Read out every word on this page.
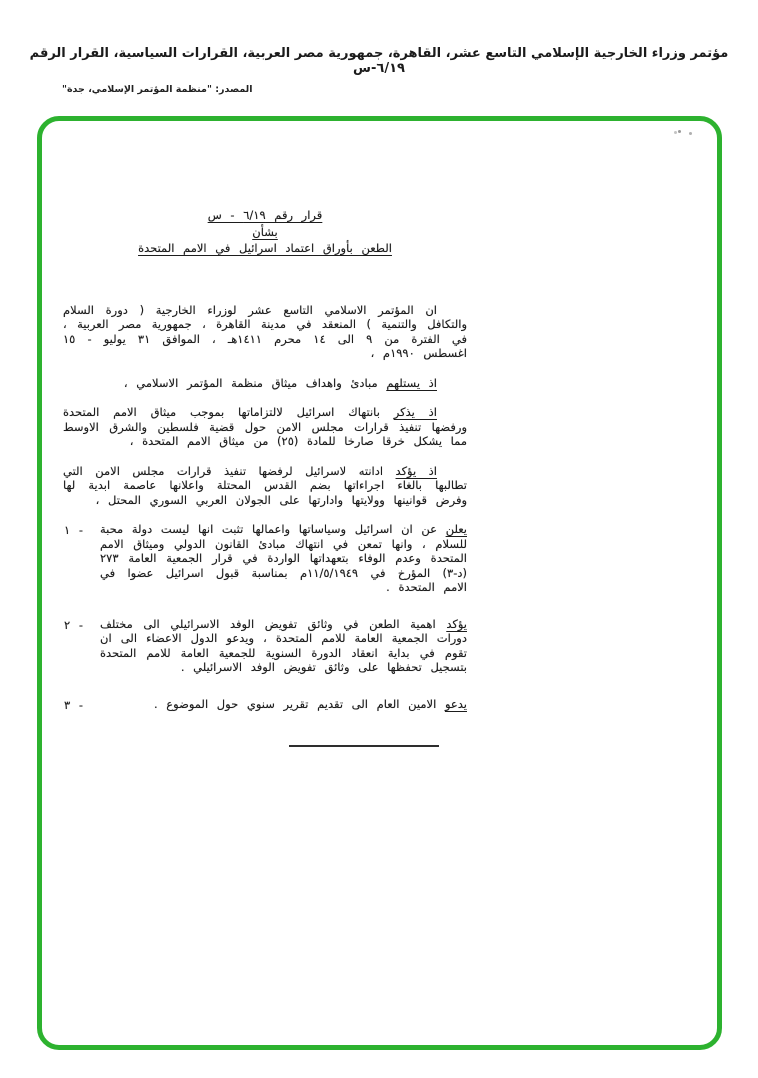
مؤتمر وزراء الخارجية الإسلامي التاسع عشر، القاهرة، جمهورية مصر العربية، القرارات السياسية، القرار الرقم ٦/١٩-س
المصدر: "منظمة المؤتمر الإسلامي، جدة"
قرار رقم ٦/١٩ - س
بشأن
الطعن بأوراق اعتماد اسرائيل في الامم المتحدة

ان المؤتمر الاسلامي التاسع عشر لوزراء الخارجية ( دورة السلام والتكافل والتنمية ) المنعقد في مدينة القاهرة ، جمهورية مصر العربية ، في الفترة من ٩ الى ١٤ محرم ١٤١١هـ ، الموافق ٣١ يوليو - ١٥ اغسطس ١٩٩٠م ،

اذ يستلهم مبادئ واهداف ميثاق منظمة المؤتمر الاسلامي ،

اذ يذكر بانتهاك اسرائيل لالتزاماتها بموجب ميثاق الامم المتحدة ورفضها تنفيذ قرارات مجلس الامن حول قضية فلسطين والشرق الاوسط مما يشكل خرقا صارخا للمادة (٢٥) من ميثاق الامم المتحدة ،

اذ يؤكد ادانته لاسرائيل لرفضها تنفيذ قرارات مجلس الامن التي تطالبها بالغاء اجراءاتها بضم القدس المحتلة واعلانها عاصمة ابدية لها وفرض قوانينها وولايتها وادارتها على الجولان العربي السوري المحتل ،

١ -	يعلن عن ان اسرائيل وسياساتها واعمالها تثبت انها ليست دولة محبة للسلام ، وانها تمعن في انتهاك مبادئ القانون الدولي وميثاق الامم المتحدة وعدم الوفاء بتعهداتها الواردة في قرار الجمعية العامة ٢٧٣ (د-٣) المؤرخ في ١١/٥/١٩٤٩م بمناسبة قبول اسرائيل عضوا في الامم المتحدة .
٢ -	يؤكد اهمية الطعن في وثائق تفويض الوفد الاسرائيلي الى مختلف دورات الجمعية العامة للامم المتحدة ، ويدعو الدول الاعضاء الى ان تقوم في بداية انعقاد الدورة السنوية للجمعية العامة للامم المتحدة بتسجيل تحفظها على وثائق تفويض الوفد الاسرائيلي .
٣ -	يدعو الامين العام الى تقديم تقرير سنوي حول الموضوع .
